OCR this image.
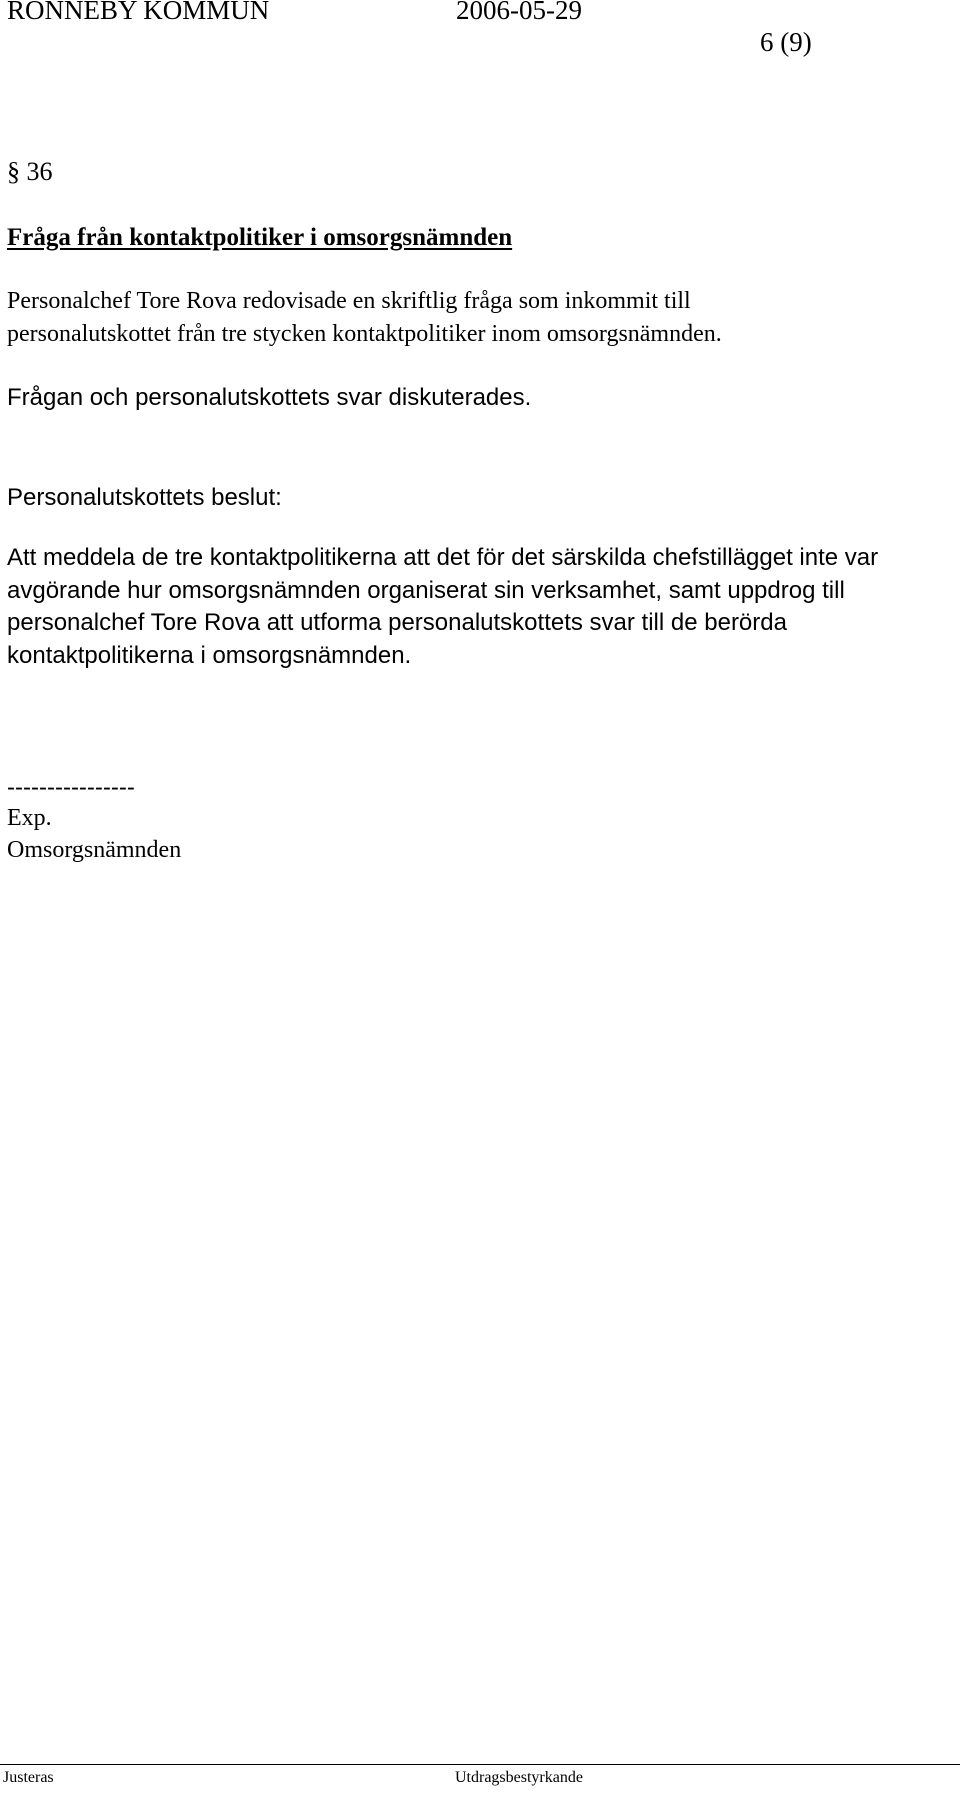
RONNEBY KOMMUN	2006-05-29
6 (9)
§ 36
Fråga från kontaktpolitiker i omsorgsnämnden
Personalchef Tore Rova redovisade en skriftlig fråga som inkommit till
personalutskottet från tre stycken kontaktpolitiker inom omsorgsnämnden.
Frågan och personalutskottets svar diskuterades.
Personalutskottets beslut:
Att meddela de tre kontaktpolitikerna att det för det särskilda chefstillägget inte var
avgörande hur omsorgsnämnden organiserat sin verksamhet, samt uppdrog till
personalchef Tore Rova att utforma personalutskottets svar till de berörda
kontaktpolitikerna i omsorgsnämnden.
----------------
Exp.
Omsorgsnämnden
Justeras	Utdragsbestyrkande
